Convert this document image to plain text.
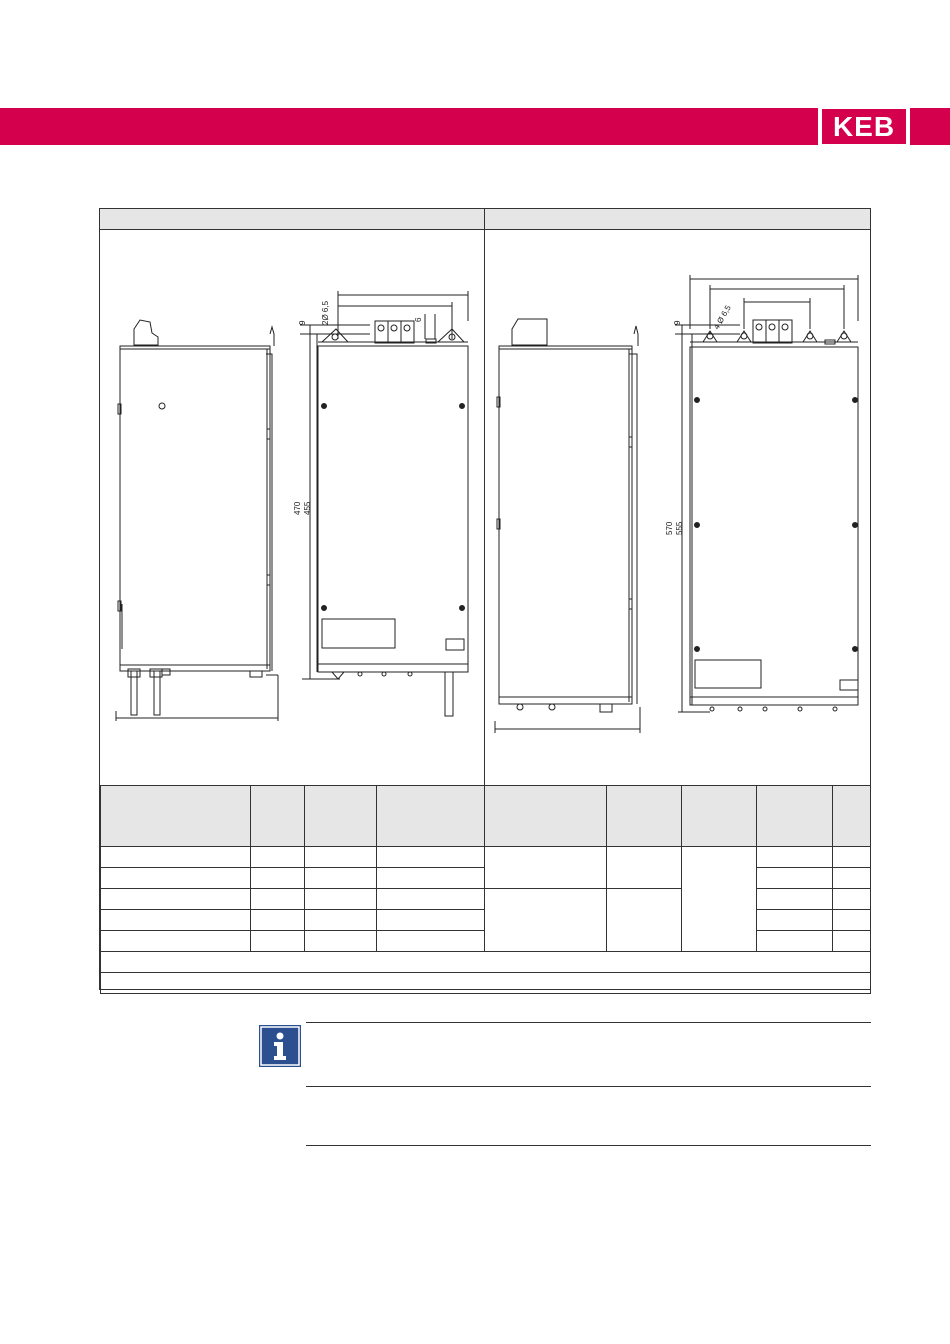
KEB
9 2Ø 6,5	6
470 455
9	4 Ø 6,5
570 555
